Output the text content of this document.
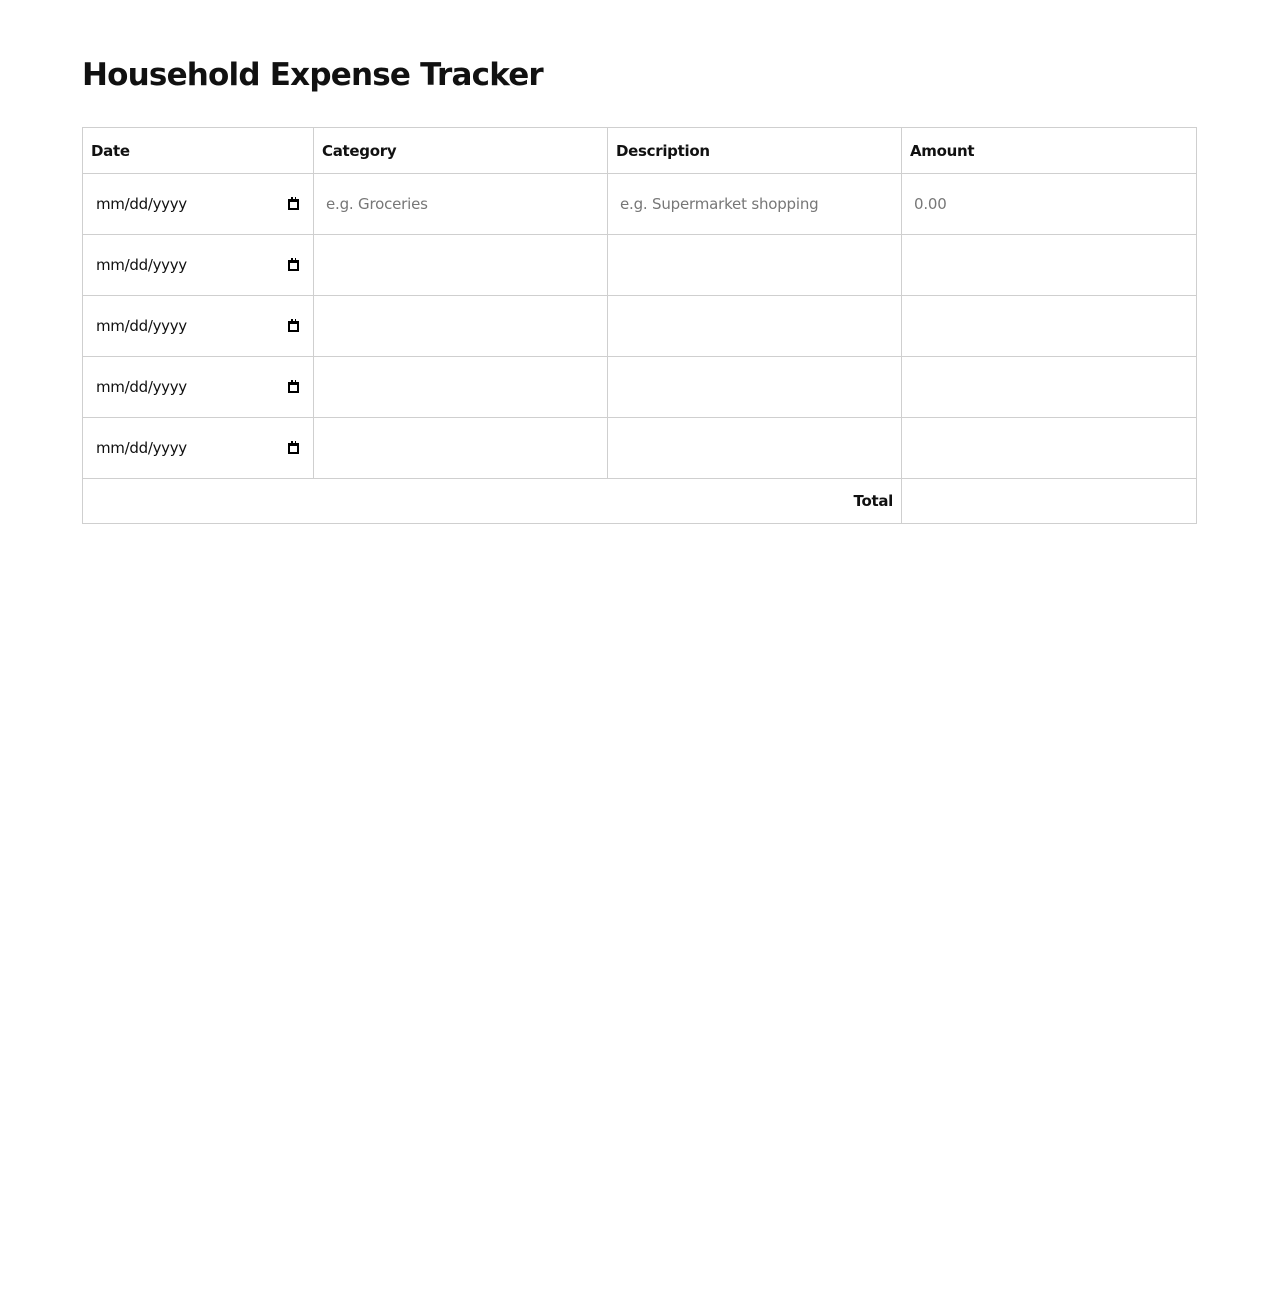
Household Expense Tracker
Date	Category	Description	Amount

mm/dd/yyyy	e.g. Groceries	e.g. Supermarket shopping	0.00

mm/dd/yyyy			

mm/dd/yyyy			

mm/dd/yyyy			

mm/dd/yyyy			

Total			
